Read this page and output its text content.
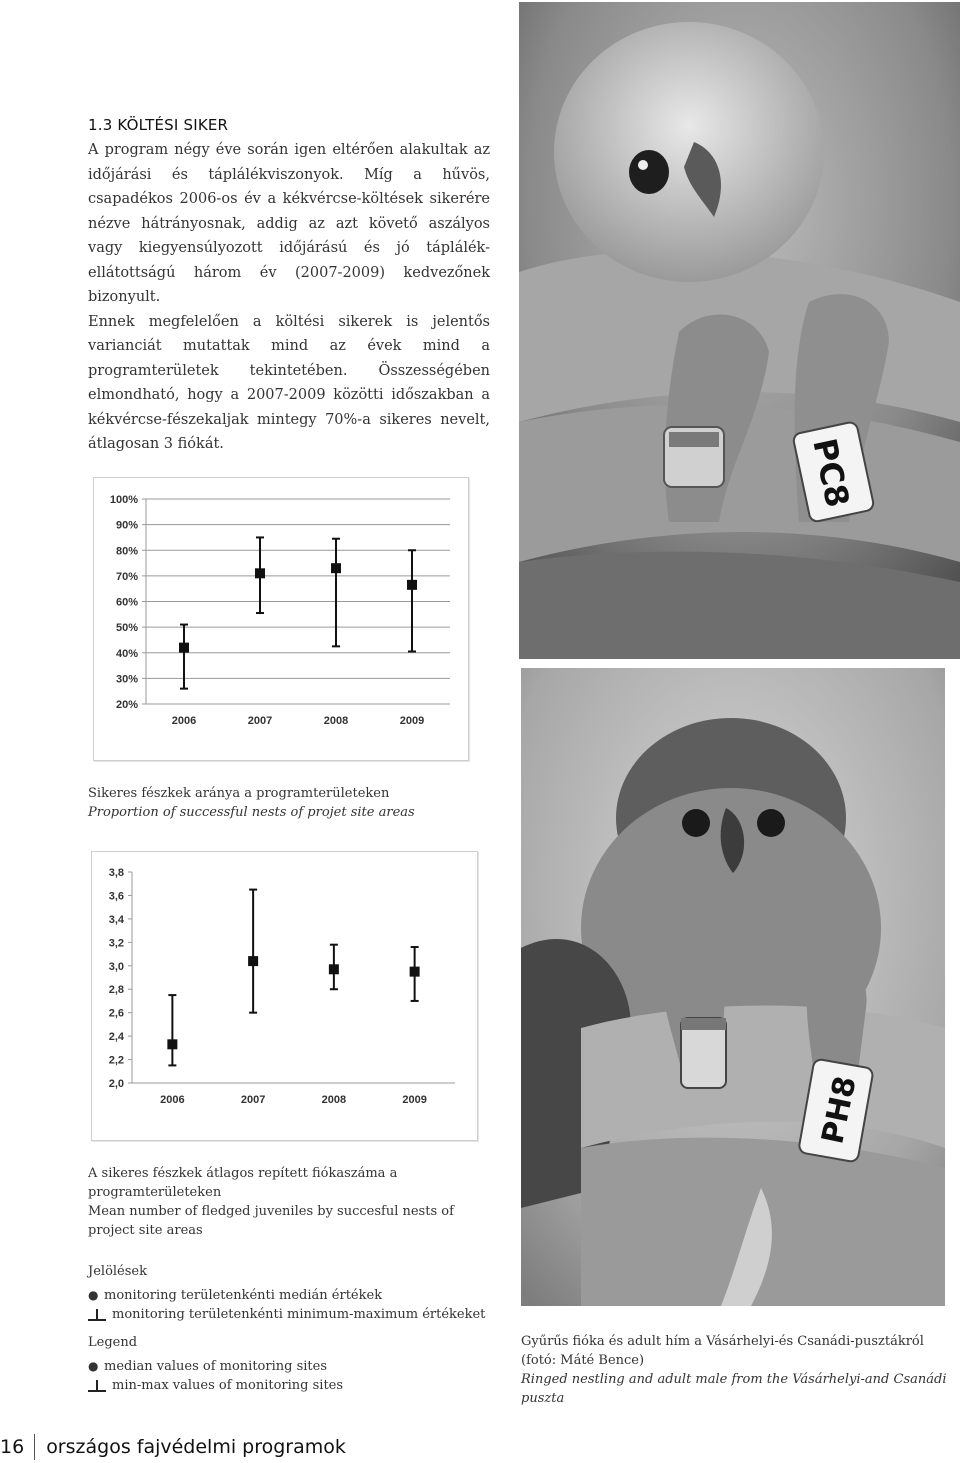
1.3 KÖLTÉSI SIKER

A program négy éve során igen eltérően alakultak az időjárási és táplálékviszonyok. Míg a hűvös, csapadékos 2006-os év a kékvércse-költések sikerére nézve hátrányosnak, addig az azt követő aszályos vagy kiegyensúlyozott időjárású és jó táplálék-ellátottságú három év (2007-2009) kedvezőnek bizonyult.

Ennek megfelelően a költési sikerek is jelentős varianciát mutattak mind az évek mind a programterületek tekintetében. Összességében elmondható, hogy a 2007-2009 közötti időszakban a kékvércse-fészekaljak mintegy 70%-a sikeres nevelt, átlagosan 3 fiókát.

100%
90%
80%
70%
60%
50%
40%
30%
20%
2006	2007	2008	2009
Sikeres fészkek aránya a programterületeken
Proportion of successful nests of projet site areas
3,8
3,6
3,4
3,2
3,0
2,8
2,6
2,4
2,2
2,0
2006	2007	2008	2009
A sikeres fészkek átlagos repített fiókaszáma a programterületeken
Mean number of fledged juveniles by succesful nests of project site areas
Jelölések
● monitoring területenkénti medián értékek
monitoring területenkénti minimum-maximum értékeket
Legend
● median values of monitoring sites
min-max values of monitoring sites
PC8
PH8
Gyűrűs fióka és adult hím a Vásárhelyi-és Csanádi-pusztákról (fotó: Máté Bence)
Ringed nestling and adult male from the Vásárhelyi-and Csanádi puszta
16	országos fajvédelmi programok
